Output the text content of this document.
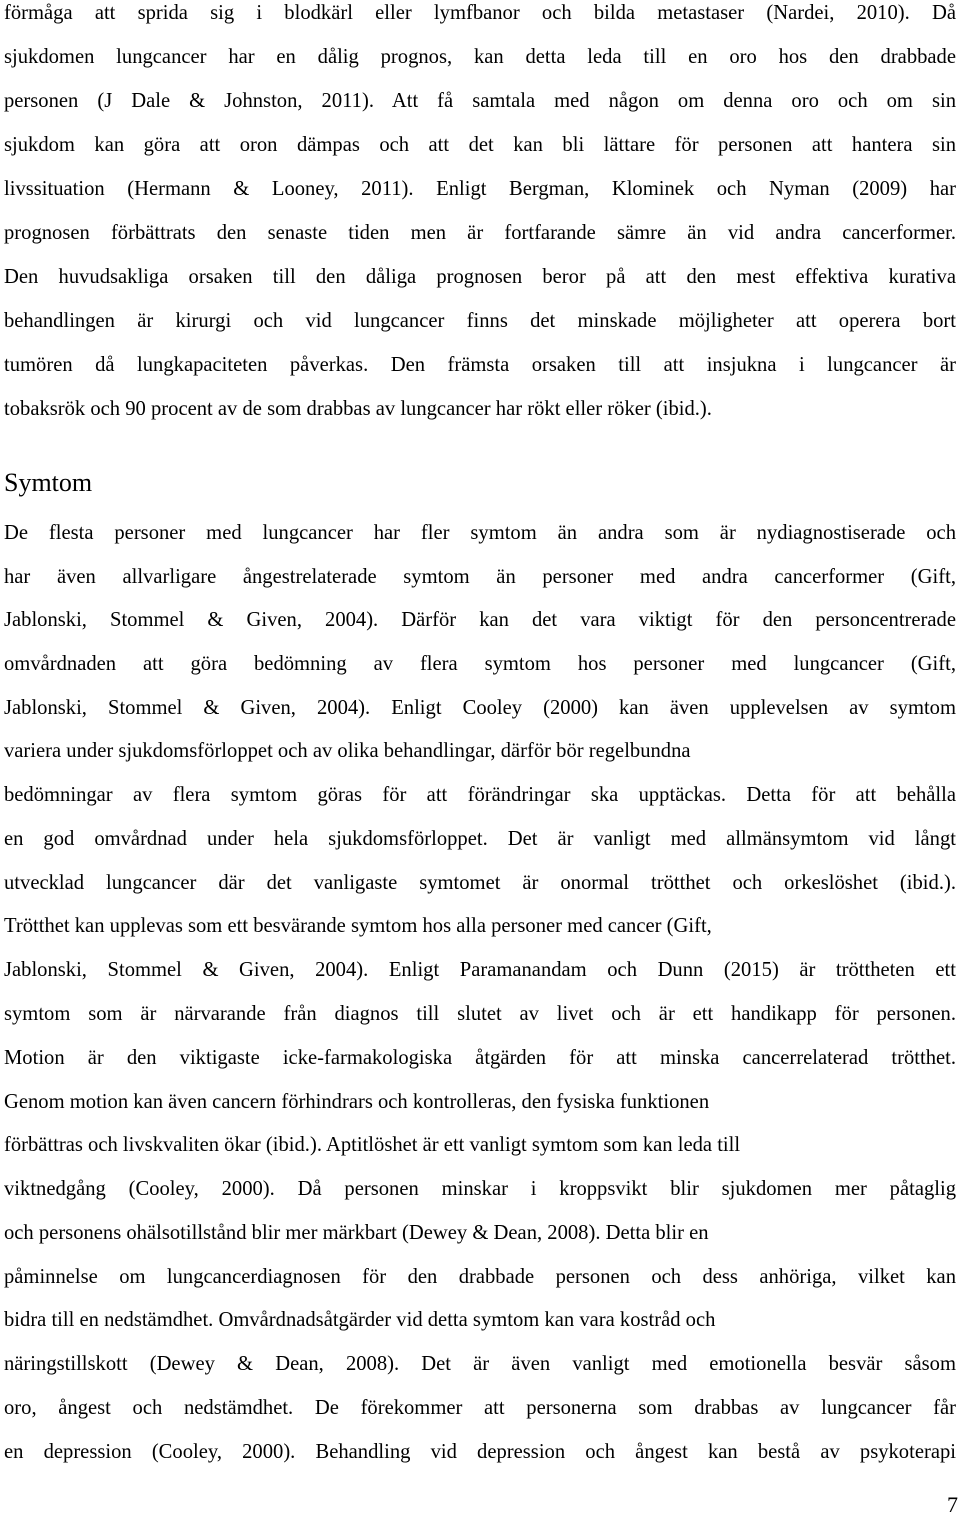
förmåga att sprida sig i blodkärl eller lymfbanor och bilda metastaser (Nardei, 2010). Då

sjukdomen lungcancer har en dålig prognos, kan detta leda till en oro hos den drabbade

personen (J Dale & Johnston, 2011). Att få samtala med någon om denna oro och om sin

sjukdom kan göra att oron dämpas och att det kan bli lättare för personen att hantera sin

livssituation (Hermann & Looney, 2011). Enligt Bergman, Klominek och Nyman (2009) har

prognosen förbättrats den senaste tiden men är fortfarande sämre än vid andra cancerformer.

Den huvudsakliga orsaken till den dåliga prognosen beror på att den mest effektiva kurativa

behandlingen är kirurgi och vid lungcancer finns det minskade möjligheter att operera bort

tumören då lungkapaciteten påverkas. Den främsta orsaken till att insjukna i lungcancer är

tobaksrök och 90 procent av de som drabbas av lungcancer har rökt eller röker (ibid.).

Symtom

De flesta personer med lungcancer har fler symtom än andra som är nydiagnostiserade och

har även allvarligare ångestrelaterade symtom än personer med andra cancerformer (Gift,

Jablonski, Stommel & Given, 2004). Därför kan det vara viktigt för den personcentrerade

omvårdnaden att göra bedömning av flera symtom hos personer med lungcancer (Gift,

Jablonski, Stommel & Given, 2004). Enligt Cooley (2000) kan även upplevelsen av symtom

variera under sjukdomsförloppet och av olika behandlingar, därför bör regelbundna

bedömningar av flera symtom göras för att förändringar ska upptäckas. Detta för att behålla

en god omvårdnad under hela sjukdomsförloppet. Det är vanligt med allmänsymtom vid långt

utvecklad lungcancer där det vanligaste symtomet är onormal trötthet och orkeslöshet (ibid.).

Trötthet kan upplevas som ett besvärande symtom hos alla personer med cancer (Gift,

Jablonski, Stommel & Given, 2004). Enligt Paramanandam och Dunn (2015) är tröttheten ett

symtom som är närvarande från diagnos till slutet av livet och är ett handikapp för personen.

Motion är den viktigaste icke-farmakologiska åtgärden för att minska cancerrelaterad trötthet.

Genom motion kan även cancern förhindrars och kontrolleras, den fysiska funktionen

förbättras och livskvaliten ökar (ibid.). Aptitlöshet är ett vanligt symtom som kan leda till

viktnedgång (Cooley, 2000). Då personen minskar i kroppsvikt blir sjukdomen mer påtaglig

och personens ohälsotillstånd blir mer märkbart (Dewey & Dean, 2008). Detta blir en

påminnelse om lungcancerdiagnosen för den drabbade personen och dess anhöriga, vilket kan

bidra till en nedstämdhet. Omvårdnadsåtgärder vid detta symtom kan vara kostråd och

näringstillskott (Dewey & Dean, 2008). Det är även vanligt med emotionella besvär såsom

oro, ångest och nedstämdhet. De förekommer att personerna som drabbas av lungcancer får

en depression (Cooley, 2000). Behandling vid depression och ångest kan bestå av psykoterapi

7
